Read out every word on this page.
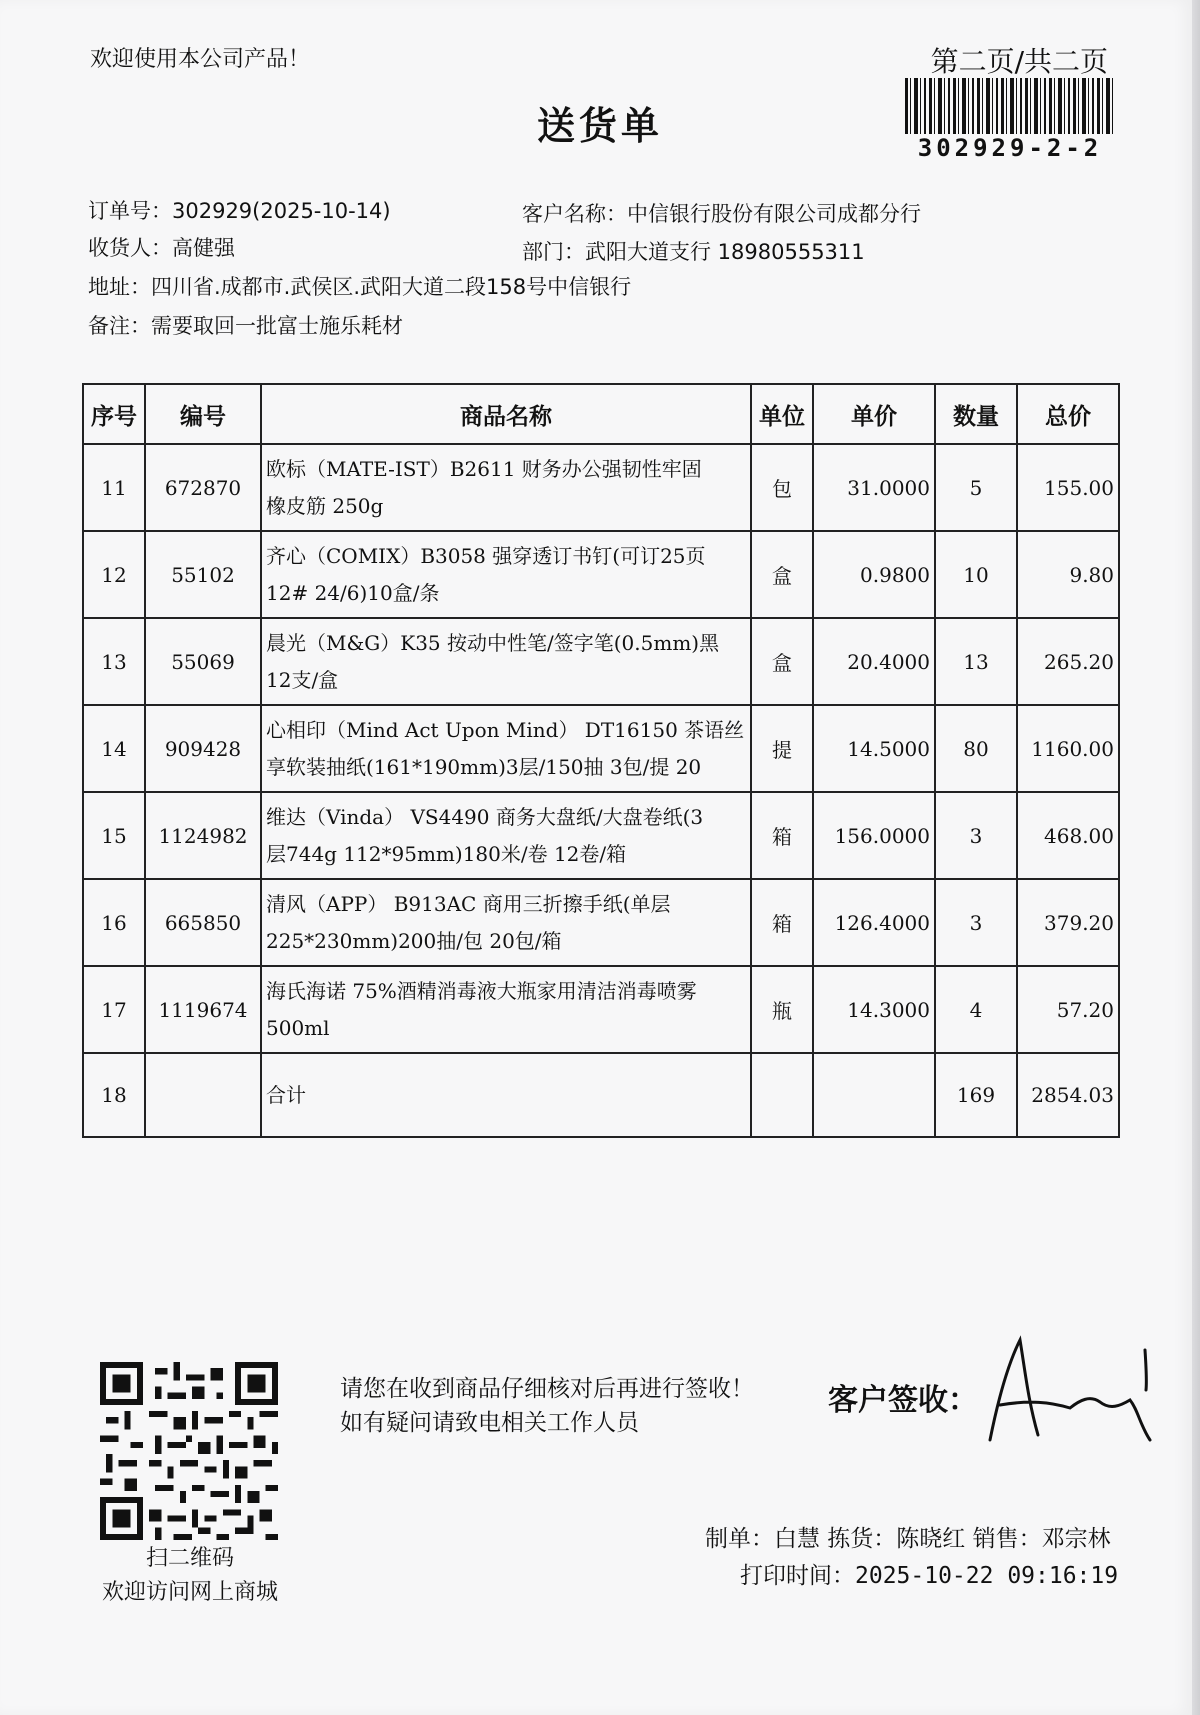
欢迎使用本公司产品！	第二页/共二页
送货单	302929-2-2
订单号：302929(2025-10-14)	客户名称：中信银行股份有限公司成都分行
收货人：高健强	部门：武阳大道支行 18980555311
地址：四川省.成都市.武侯区.武阳大道二段158号中信银行
备注：需要取回一批富士施乐耗材
序号	编号	商品名称	单位	单价	数量	总价
11	672870	欧标（MATE-IST）B2611 财务办公强韧性牢固
橡皮筋 250g	包	31.0000	5	155.00
12	55102	齐心（COMIX）B3058 强穿透订书钉(可订25页
12# 24/6)10盒/条	盒	0.9800	10	9.80
13	55069	晨光（M&G）K35 按动中性笔/签字笔(0.5mm)黑
12支/盒	盒	20.4000	13	265.20
14	909428	心相印（Mind Act Upon Mind） DT16150 茶语丝
享软装抽纸(161*190mm)3层/150抽 3包/提 20	提	14.5000	80	1160.00
15	1124982	维达（Vinda） VS4490 商务大盘纸/大盘卷纸(3
层744g 112*95mm)180米/卷 12卷/箱	箱	156.0000	3	468.00
16	665850	清风（APP） B913AC 商用三折擦手纸(单层
225*230mm)200抽/包 20包/箱	箱	126.4000	3	379.20
17	1119674	海氏海诺 75%酒精消毒液大瓶家用清洁消毒喷雾
500ml	瓶	14.3000	4	57.20
18		合计			169	2854.03
扫二维码
欢迎访问网上商城
请您在收到商品仔细核对后再进行签收！如有疑问请致电相关工作人员
客户签收：
制单：白慧 拣货：陈晓红 销售：邓宗林
打印时间：2025-10-22 09:16:19
